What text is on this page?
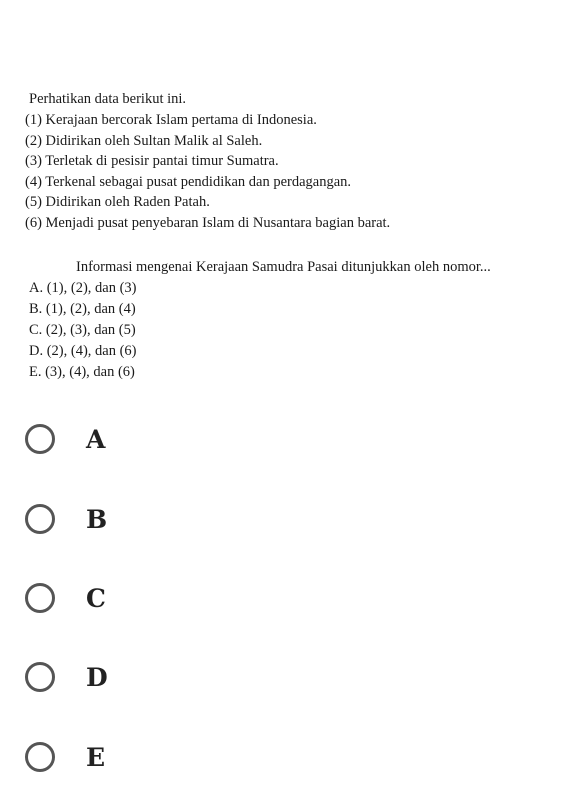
Perhatikan data berikut ini.
(1) Kerajaan bercorak Islam pertama di Indonesia.
(2) Didirikan oleh Sultan Malik al Saleh.
(3) Terletak di pesisir pantai timur Sumatra.
(4) Terkenal sebagai pusat pendidikan dan perdagangan.
(5) Didirikan oleh Raden Patah.
(6) Menjadi pusat penyebaran Islam di Nusantara bagian barat.
Informasi mengenai Kerajaan Samudra Pasai ditunjukkan oleh nomor...
A. (1), (2), dan (3)
B. (1), (2), dan (4)
C. (2), (3), dan (5)
D. (2), (4), dan (6)
E. (3), (4), dan (6)
A
B
C
D
E
